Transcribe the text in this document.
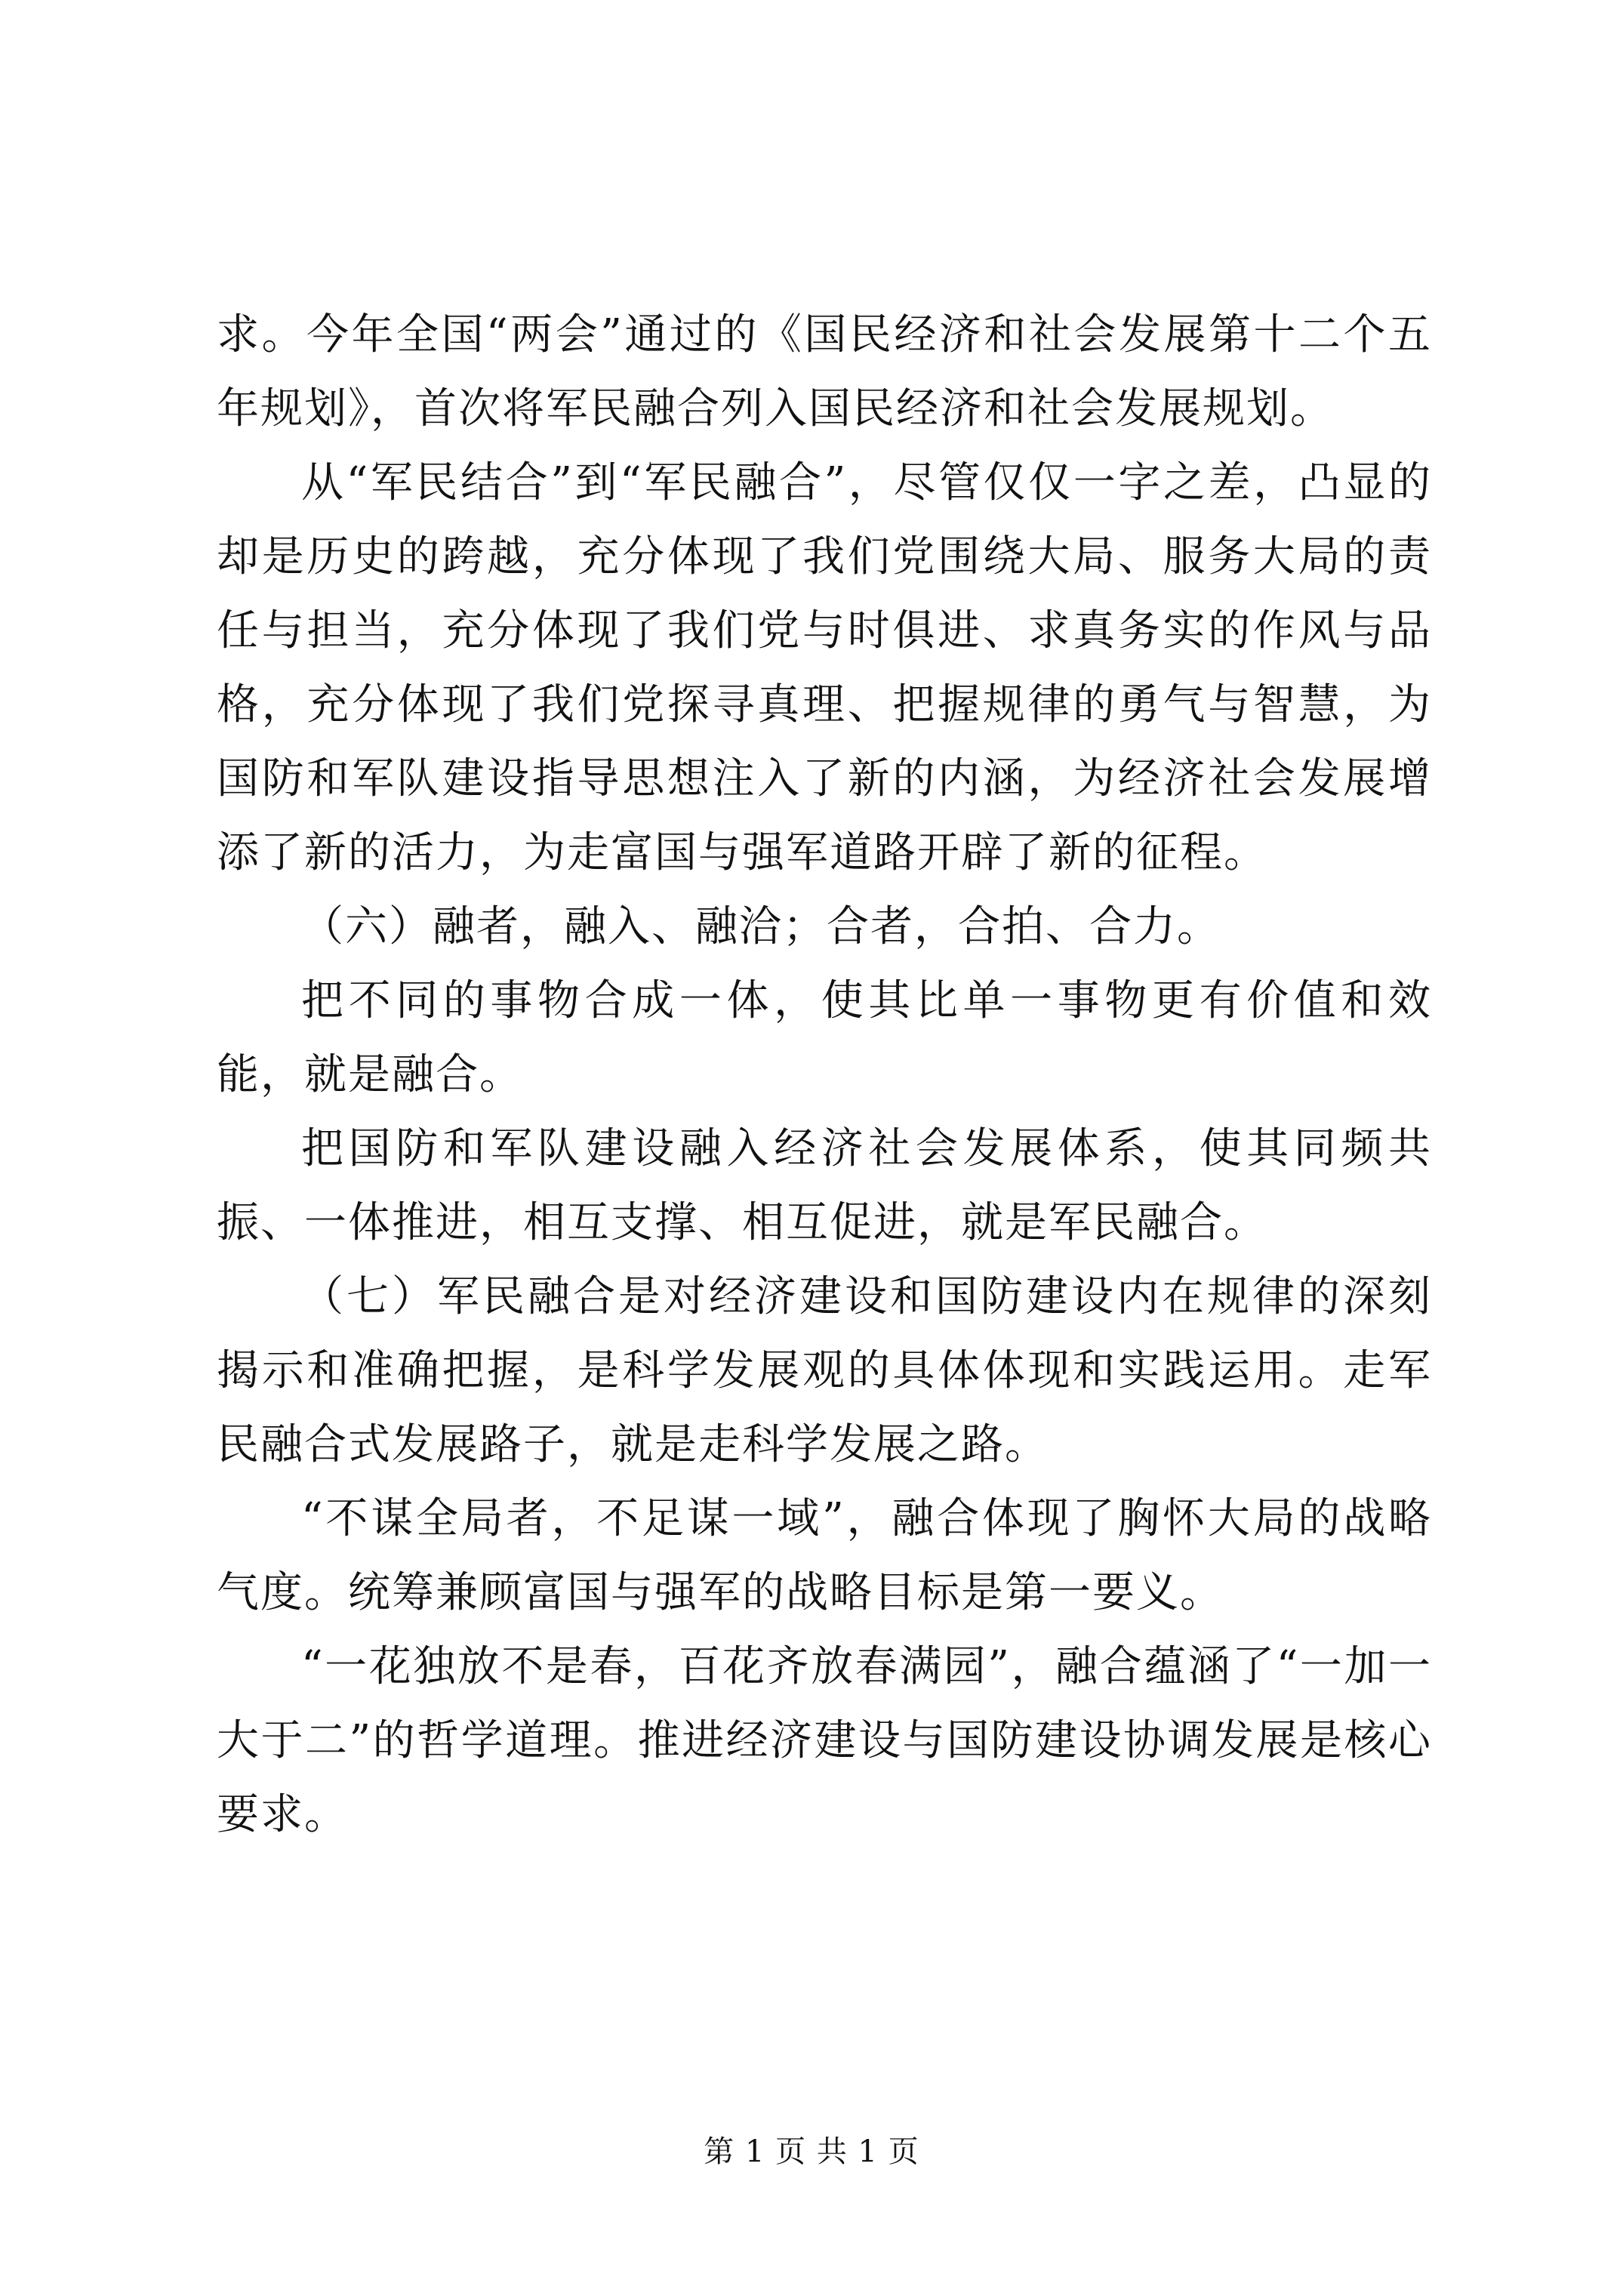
求。今年全国“两会”通过的《国民经济和社会发展第十二个五年规划》，首次将军民融合列入国民经济和社会发展规划。

从“军民结合”到“军民融合”，尽管仅仅一字之差，凸显的却是历史的跨越，充分体现了我们党围绕大局、服务大局的责任与担当，充分体现了我们党与时俱进、求真务实的作风与品格，充分体现了我们党探寻真理、把握规律的勇气与智慧，为国防和军队建设指导思想注入了新的内涵，为经济社会发展增添了新的活力，为走富国与强军道路开辟了新的征程。

（六）融者，融入、融洽；合者，合拍、合力。

把不同的事物合成一体，使其比单一事物更有价值和效能，就是融合。

把国防和军队建设融入经济社会发展体系，使其同频共振、一体推进，相互支撑、相互促进，就是军民融合。

（七）军民融合是对经济建设和国防建设内在规律的深刻揭示和准确把握，是科学发展观的具体体现和实践运用。走军民融合式发展路子，就是走科学发展之路。

“不谋全局者，不足谋一域”，融合体现了胸怀大局的战略气度。统筹兼顾富国与强军的战略目标是第一要义。

“一花独放不是春，百花齐放春满园”，融合蕴涵了“一加一大于二”的哲学道理。推进经济建设与国防建设协调发展是核心要求。

第 1 页 共 1 页
